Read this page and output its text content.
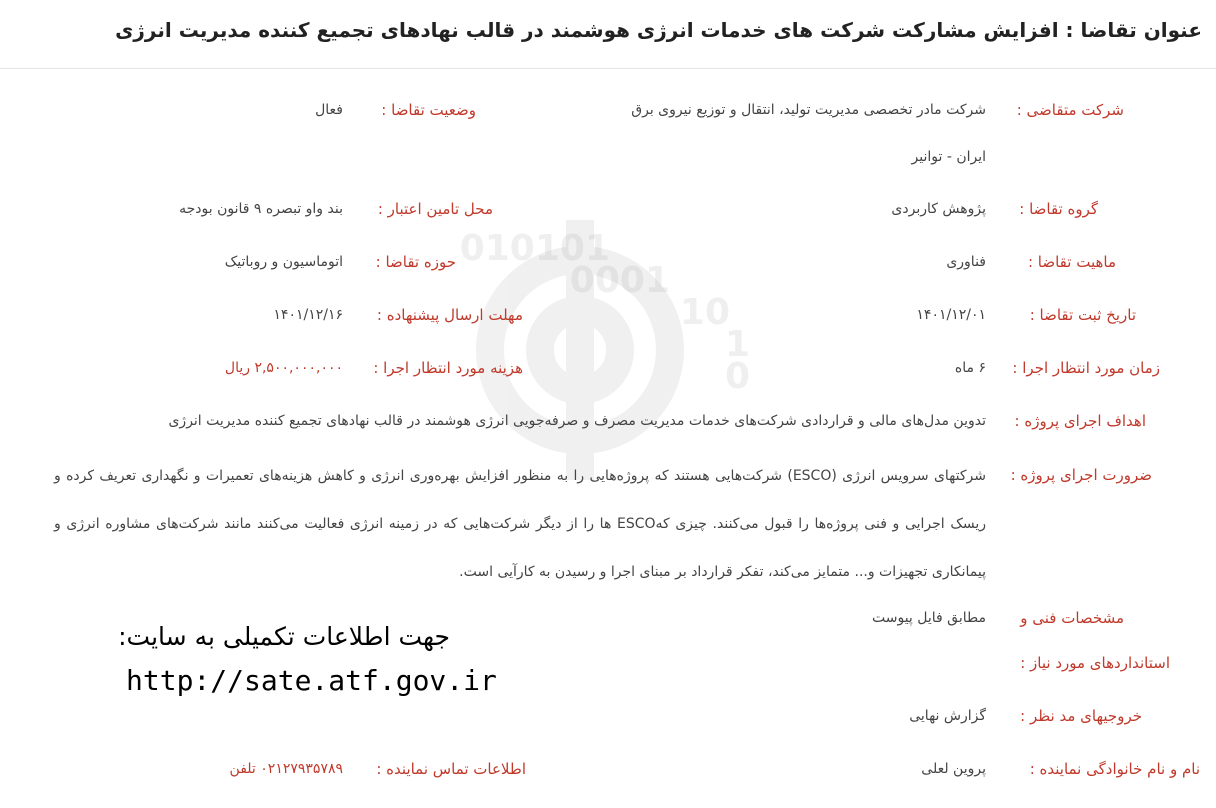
010101
0001
10
1
0
عنوان تقاضا : افزایش مشارکت شرکت های خدمات انرژی هوشمند در قالب نهادهای تجمیع کننده مدیریت انرژی
شرکت متقاضی :
شرکت مادر تخصصی مدیریت تولید، انتقال و توزیع نیروی برق
ایران - توانیر
وضعیت تقاضا :
فعال
گروه تقاضا :
پژوهش کاربردی
محل تامین اعتبار :
بند واو تبصره ۹ قانون بودجه
ماهیت تقاضا :
فناوری
حوزه تقاضا :
اتوماسیون و روباتیک
تاریخ ثبت تقاضا :
۱۴۰۱/۱۲/۰۱
مهلت ارسال پیشنهاده :
۱۴۰۱/۱۲/۱۶
زمان مورد انتظار اجرا :
۶ ماه
هزینه مورد انتظار اجرا :
۲,۵۰۰,۰۰۰,۰۰۰ ریال
اهداف اجرای پروژه :
تدوین مدل‌های مالی و قراردادی شرکت‌های خدمات مدیریت مصرف و صرفه‌جویی انرژی هوشمند در قالب نهادهای تجمیع کننده مدیریت انرژی
ضرورت اجرای پروژه :
شرکتهای سرویس انرژی (ESCO) شرکت‌هایی هستند که پروژه‌هایی را به منظور افزایش بهره‌وری انرژی و کاهش هزینه‌های تعمیرات و نگهداری تعریف کرده و ریسک اجرایی و فنی پروژه‌ها را قبول می‌کنند. چیزی کهESCO ها را از دیگر شرکت‌هایی که در زمینه انرژی فعالیت می‌کنند مانند شرکت‌های مشاوره انرژی و پیمانکاری تجهیزات و... متمایز می‌کند، تفکر قرارداد بر مبنای اجرا و رسیدن به کارآیی است.
مشخصات فنی و
استانداردهای مورد نیاز :
مطابق فایل پیوست
خروجیهای مد نظر :
گزارش نهایی
نام و نام خانوادگی نماینده :
پروین لعلی
اطلاعات تماس نماینده :
۰۲۱۲۷۹۳۵۷۸۹ تلفن
جهت اطلاعات تکمیلی به سایت:
http://sate.atf.gov.ir
